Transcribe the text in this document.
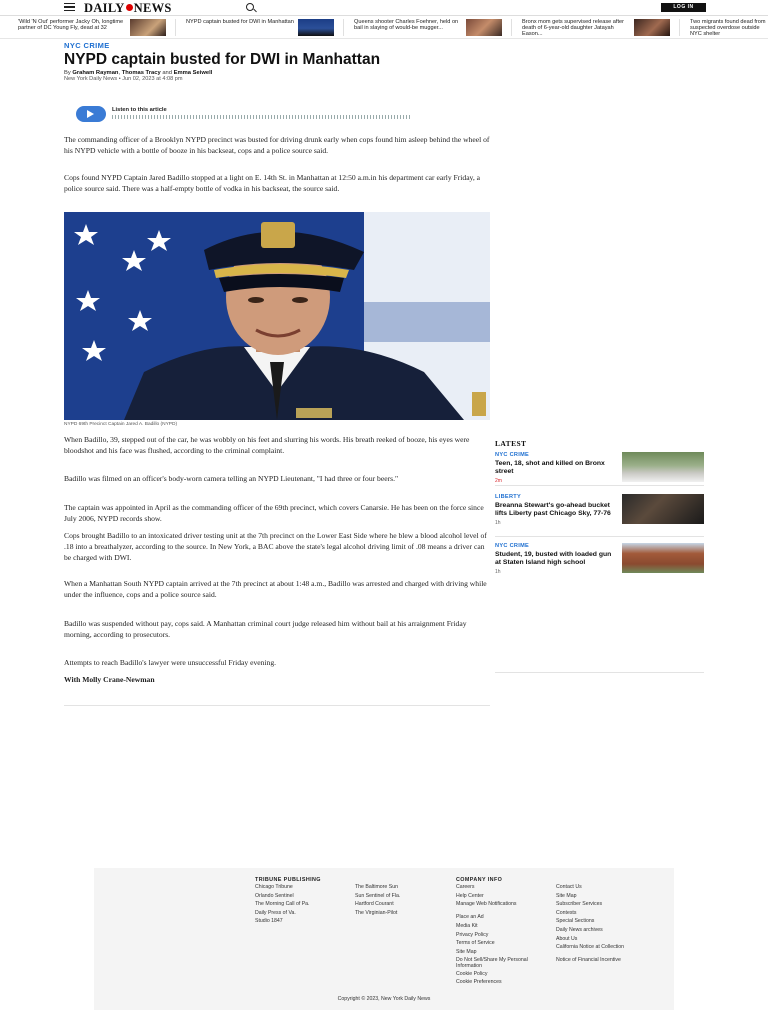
DAILY NEWS	LOG IN
'Wild 'N Out' performer Jacky Oh, longtime partner of DC Young Fly, dead at 32
NYPD captain busted for DWI in Manhattan	Queens shooter Charles Foehner, held on bail in slaying of would-be mugger...
Bronx mom gets supervised release after death of 6-year-old daughter Jatayah Eason...
Two migrants found dead from suspected overdose outside NYC shelter
NYC CRIME
NYPD captain busted for DWI in Manhattan
By Graham Rayman, Thomas Tracy and Emma Seiwell
New York Daily News • Jun 02, 2023 at 4:08 pm
Listen to this article

The commanding officer of a Brooklyn NYPD precinct was busted for driving drunk early when cops found him asleep behind the wheel of his NYPD vehicle with a bottle of booze in his backseat, cops and a police source said.

Cops found NYPD Captain Jared Badillo stopped at a light on E. 14th St. in Manhattan at 12:50 a.m.in his department car early Friday, a police source said. There was a half-empty bottle of vodka in his backseat, the source said.

NYPD 69th Precinct Captain Jared A. Badillo (NYPD)

When Badillo, 39, stepped out of the car, he was wobbly on his feet and slurring his words. His breath reeked of booze, his eyes were bloodshot and his face was flushed, according to the criminal complaint.

Badillo was filmed on an officer's body-worn camera telling an NYPD Lieutenant, "I had three or four beers."

The captain was appointed in April as the commanding officer of the 69th precinct, which covers Canarsie. He has been on the force since July 2006, NYPD records show.

Cops brought Badillo to an intoxicated driver testing unit at the 7th precinct on the Lower East Side where he blew a blood alcohol level of .18 into a breathalyzer, according to the source. In New York, a BAC above the state's legal alcohol driving limit of .08 means a driver can be charged with DWI.

When a Manhattan South NYPD captain arrived at the 7th precinct at about 1:48 a.m., Badillo was arrested and charged with driving while under the influence, cops and a police source said.

Badillo was suspended without pay, cops said. A Manhattan criminal court judge released him without bail at his arraignment Friday morning, according to prosecutors.

Attempts to reach Badillo's lawyer were unsuccessful Friday evening.

With Molly Crane-Newman

LATEST
NYC CRIME
Teen, 18, shot and killed on Bronx street
2m
LIBERTY
Breanna Stewart's go-ahead bucket lifts Liberty past Chicago Sky, 77-76
1h
NYC CRIME
Student, 19, busted with loaded gun at Staten Island high school
1h
TRIBUNE PUBLISHING
Chicago Tribune
Orlando Sentinel
The Morning Call of Pa.
Daily Press of Va.
Studio 1847
The Baltimore Sun
Sun Sentinel of Fla.
Hartford Courant
The Virginian-Pilot
COMPANY INFO
Careers
Help Center
Manage Web Notifications
Place an Ad
Media Kit
Privacy Policy
Terms of Service
Site Map
Do Not Sell/Share My Personal Information
Cookie Policy
Cookie Preferences
Contact Us
Site Map
Subscriber Services
Contests
Special Sections
Daily News archives
About Us
California Notice at Collection
Notice of Financial Incentive
Copyright © 2023, New York Daily News
